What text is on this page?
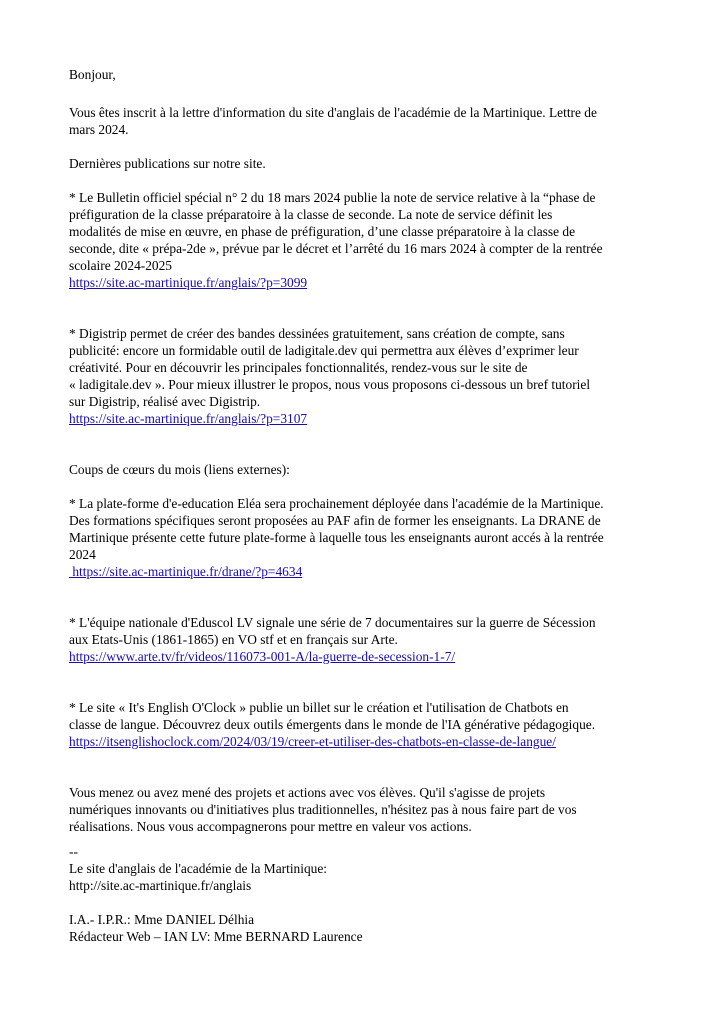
Bonjour,
Vous êtes inscrit à la lettre d'information du site d'anglais de l'académie de la Martinique. Lettre de
mars 2024.
Dernières publications sur notre site.
* Le Bulletin officiel spécial n° 2 du 18 mars 2024 publie la note de service relative à la “phase de
préfiguration de la classe préparatoire à la classe de seconde. La note de service définit les
modalités de mise en œuvre, en phase de préfiguration, d’une classe préparatoire à la classe de
seconde, dite « prépa-2de », prévue par le décret et l’arrêté du 16 mars 2024 à compter de la rentrée
scolaire 2024-2025
https://site.ac-martinique.fr/anglais/?p=3099
* Digistrip permet de créer des bandes dessinées gratuitement, sans création de compte, sans
publicité: encore un formidable outil de ladigitale.dev qui permettra aux élèves d’exprimer leur
créativité. Pour en découvrir les principales fonctionnalités, rendez-vous sur le site de
« ladigitale.dev ». Pour mieux illustrer le propos, nous vous proposons ci-dessous un bref tutoriel
sur Digistrip, réalisé avec Digistrip.
https://site.ac-martinique.fr/anglais/?p=3107
Coups de cœurs du mois (liens externes):
* La plate-forme d'e-education Eléa sera prochainement déployée dans l'académie de la Martinique.
Des formations spécifiques seront proposées au PAF afin de former les enseignants. La DRANE de
Martinique présente cette future plate-forme à laquelle tous les enseignants auront accés à la rentrée
2024
https://site.ac-martinique.fr/drane/?p=4634
* L'équipe nationale d'Eduscol LV signale une série de 7 documentaires sur la guerre de Sécession
aux Etats-Unis (1861-1865) en VO stf et en français sur Arte.
https://www.arte.tv/fr/videos/116073-001-A/la-guerre-de-secession-1-7/
* Le site « It's English O'Clock » publie un billet sur le création et l'utilisation de Chatbots en
classe de langue. Découvrez deux outils émergents dans le monde de l'IA générative pédagogique.
https://itsenglishoclock.com/2024/03/19/creer-et-utiliser-des-chatbots-en-classe-de-langue/
Vous menez ou avez mené des projets et actions avec vos élèves. Qu'il s'agisse de projets
numériques innovants ou d'initiatives plus traditionnelles, n'hésitez pas à nous faire part de vos
réalisations. Nous vous accompagnerons pour mettre en valeur vos actions.
--
Le site d'anglais de l'académie de la Martinique:
http://site.ac-martinique.fr/anglais
I.A.- I.P.R.: Mme DANIEL Délhia
Rédacteur Web – IAN LV: Mme BERNARD Laurence
